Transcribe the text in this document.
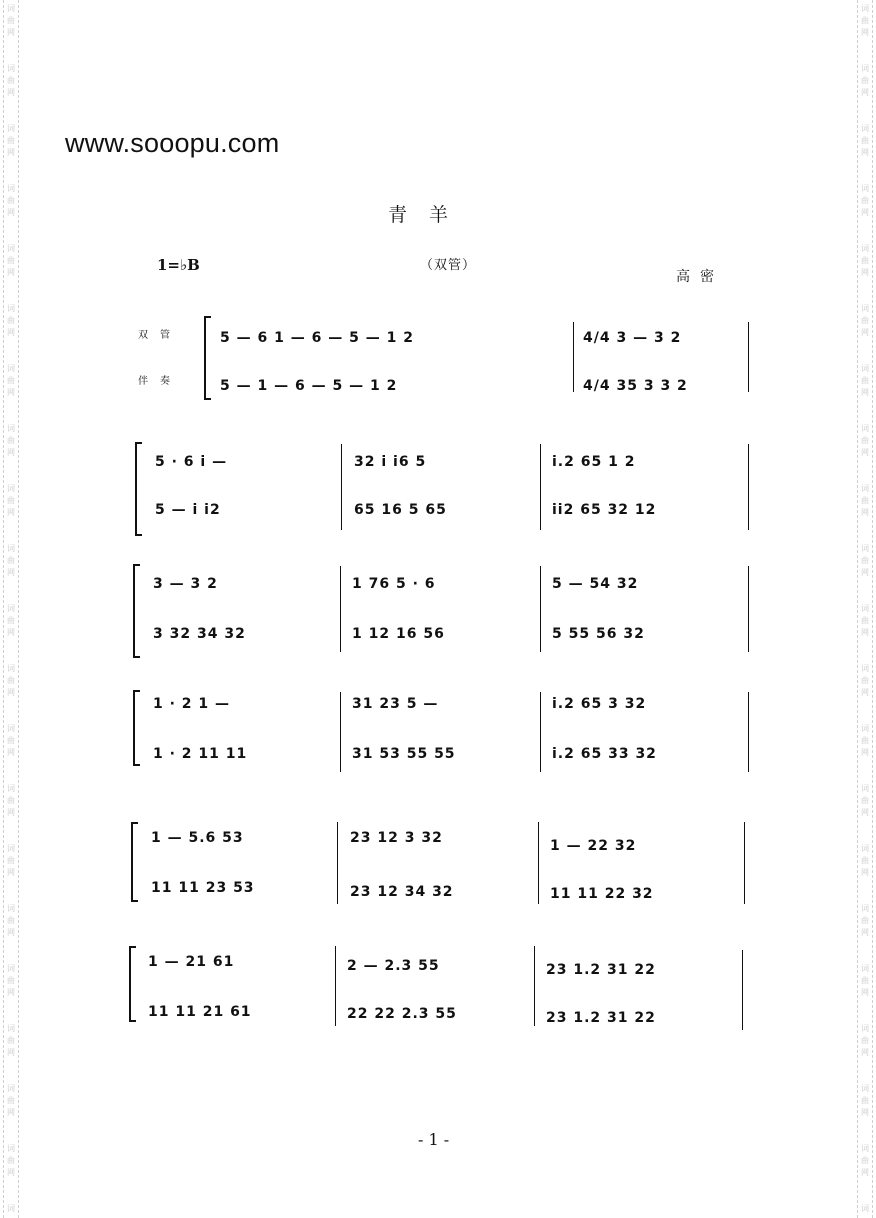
词
曲
网
词
曲
网
词
曲
网
词
曲
网
词
曲
网
词
曲
网
词
曲
网
词
曲
网
词
曲
网
词
曲
网
词
曲
网
词
曲
网
词
曲
网
词
曲
网
词
曲
网
词
曲
网
词
曲
网
词
曲
网
词
曲
网
词
曲
网
词
词
曲
网
词
曲
网
词
曲
网
词
曲
网
词
曲
网
词
曲
网
词
曲
网
词
曲
网
词
曲
网
词
曲
网
词
曲
网
词
曲
网
词
曲
网
词
曲
网
词
曲
网
词
曲
网
词
曲
网
词
曲
网
词
曲
网
词
曲
网
词
www.sooopu.com
青羊
1=♭B	（双管）
高密
双管
伴奏
5 — 6 1 — 6 — 5 — 1 2	4/4 3 — 3 2
5 — 1 — 6 — 5 — 1 2	4/4 35 3 3 2
5 · 6 i —	32 i i6 5	i.2 65 1 2
5 — i i2	65 16 5 65	ii2 65 32 12
3 — 3 2	1 76 5 · 6	5 — 54 32
3 32 34 32	1 12 16 56	5 55 56 32
1 · 2 1 —	31 23 5 —	i.2 65 3 32
1 · 2 11 11	31 53 55 55	i.2 65 33 32
1 — 5.6 53	23 12 3 32	1 — 22 32
11 11 23 53	23 12 34 32	11 11 22 32
1 — 21 61	2 — 2.3 55	23 1.2 31 22
11 11 21 61	22 22 2.3 55	23 1.2 31 22
- 1 -
